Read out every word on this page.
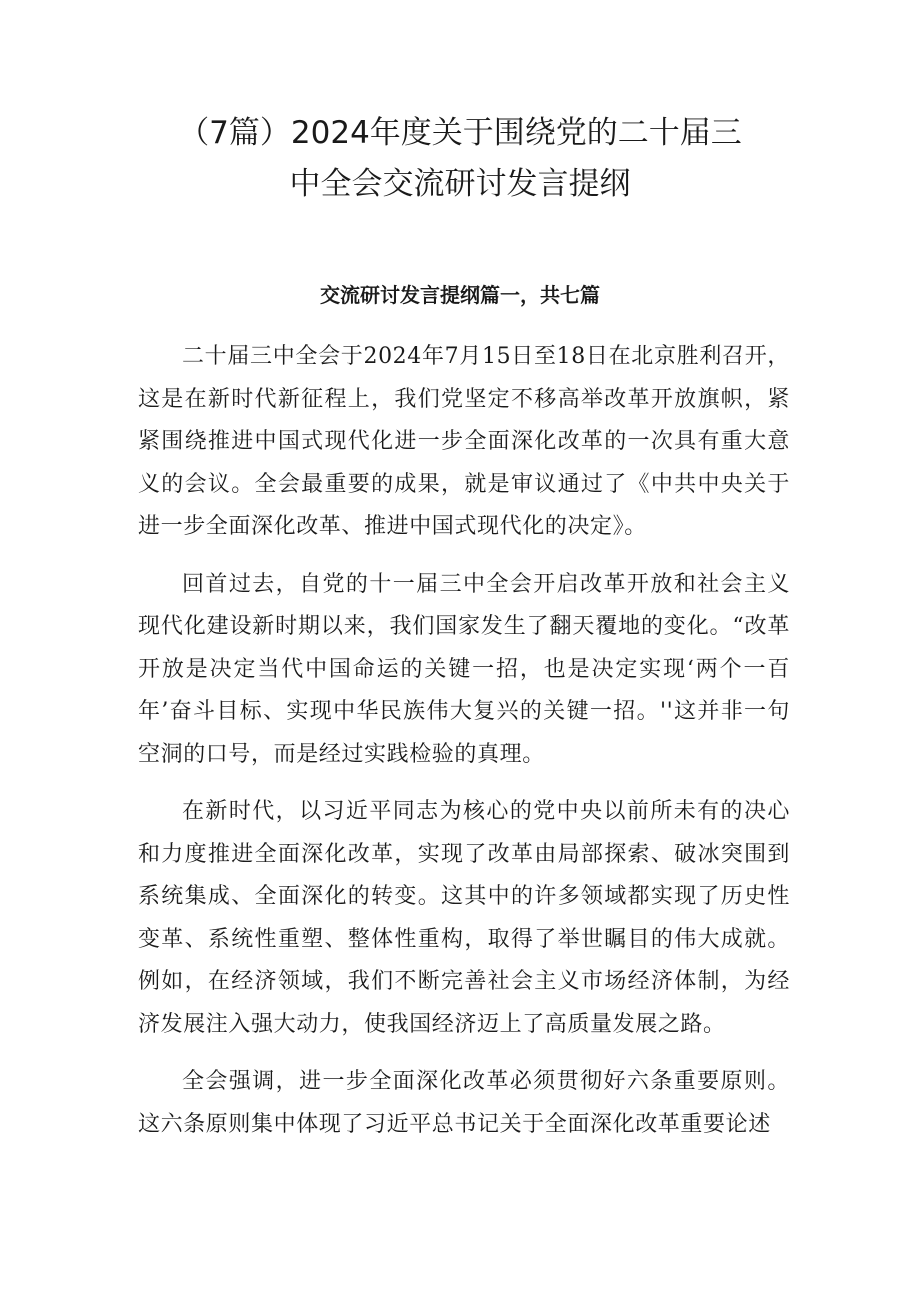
（7篇）2024年度关于围绕党的二十届三
中全会交流研讨发言提纲
交流研讨发言提纲篇一，共七篇

二十届三中全会于2024年7月15日至18日在北京胜利召开，这是在新时代新征程上，我们党坚定不移高举改革开放旗帜，紧紧围绕推进中国式现代化进一步全面深化改革的一次具有重大意义的会议。全会最重要的成果，就是审议通过了《中共中央关于进一步全面深化改革、推进中国式现代化的决定》。

回首过去，自党的十一届三中全会开启改革开放和社会主义现代化建设新时期以来，我们国家发生了翻天覆地的变化。“改革开放是决定当代中国命运的关键一招，也是决定实现‘两个一百年’奋斗目标、实现中华民族伟大复兴的关键一招。''这并非一句空洞的口号，而是经过实践检验的真理。

在新时代，以习近平同志为核心的党中央以前所未有的决心和力度推进全面深化改革，实现了改革由局部探索、破冰突围到系统集成、全面深化的转变。这其中的许多领域都实现了历史性变革、系统性重塑、整体性重构，取得了举世瞩目的伟大成就。例如，在经济领域，我们不断完善社会主义市场经济体制，为经济发展注入强大动力，使我国经济迈上了高质量发展之路。

全会强调，进一步全面深化改革必须贯彻好六条重要原则。这六条原则集中体现了习近平总书记关于全面深化改革重要论述
